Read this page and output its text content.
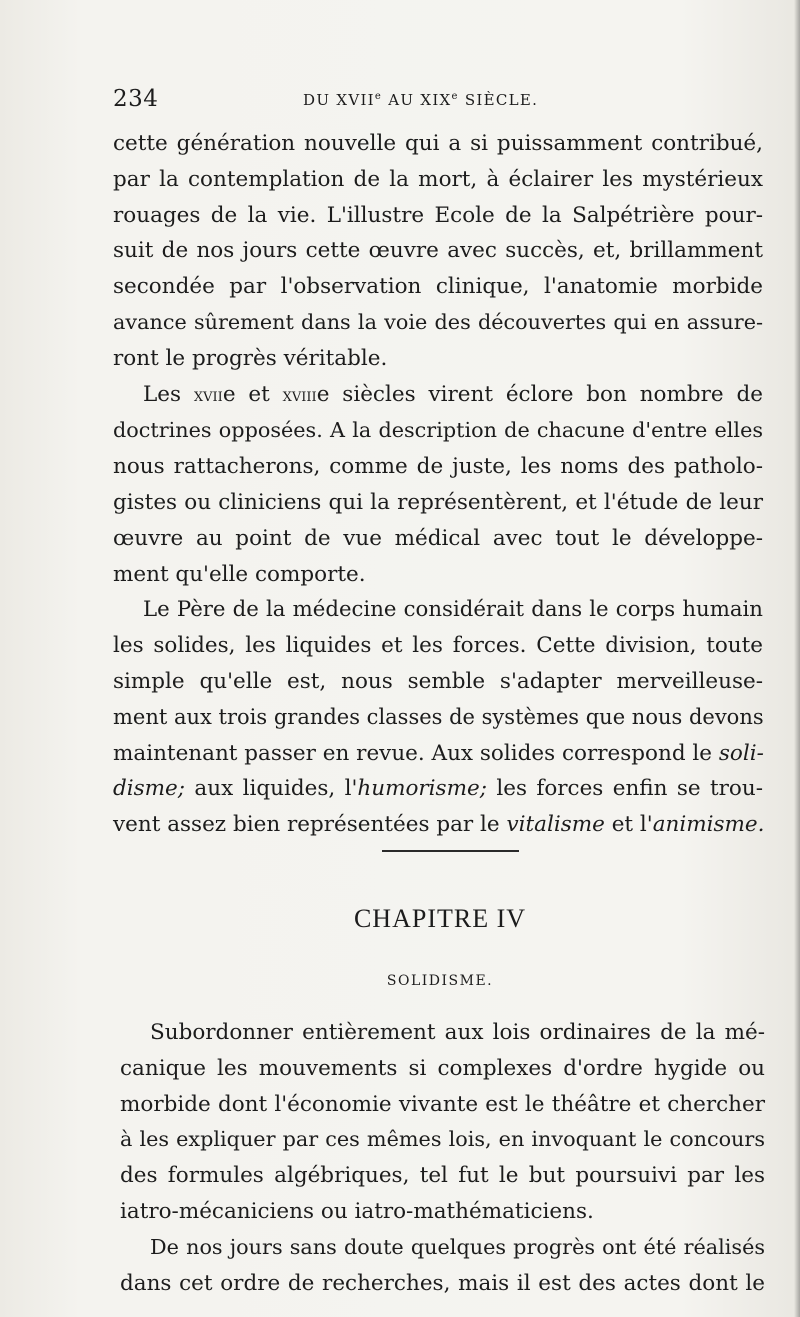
234	DU XVIIe AU XIXe SIÈCLE.

cette génération nouvelle qui a si puissamment contribué,
par la contemplation de la mort, à éclairer les mystérieux
rouages de la vie. L'illustre Ecole de la Salpétrière pour-
suit de nos jours cette œuvre avec succès, et, brillamment
secondée par l'observation clinique, l'anatomie morbide
avance sûrement dans la voie des découvertes qui en assure-
ront le progrès véritable.

Les xviie et xviiie siècles virent éclore bon nombre de
doctrines opposées. A la description de chacune d'entre elles
nous rattacherons, comme de juste, les noms des patholo-
gistes ou cliniciens qui la représentèrent, et l'étude de leur
œuvre au point de vue médical avec tout le développe-
ment qu'elle comporte.

Le Père de la médecine considérait dans le corps humain
les solides, les liquides et les forces. Cette division, toute
simple qu'elle est, nous semble s'adapter merveilleuse-
ment aux trois grandes classes de systèmes que nous devons
maintenant passer en revue. Aux solides correspond le soli-
disme; aux liquides, l'humorisme; les forces enfin se trou-
vent assez bien représentées par le vitalisme et l'animisme.

CHAPITRE IV
SOLIDISME.

Subordonner entièrement aux lois ordinaires de la mé-
canique les mouvements si complexes d'ordre hygide ou
morbide dont l'économie vivante est le théâtre et chercher
à les expliquer par ces mêmes lois, en invoquant le concours
des formules algébriques, tel fut le but poursuivi par les
iatro-mécaniciens ou iatro-mathématiciens.

De nos jours sans doute quelques progrès ont été réalisés
dans cet ordre de recherches, mais il est des actes dont le
